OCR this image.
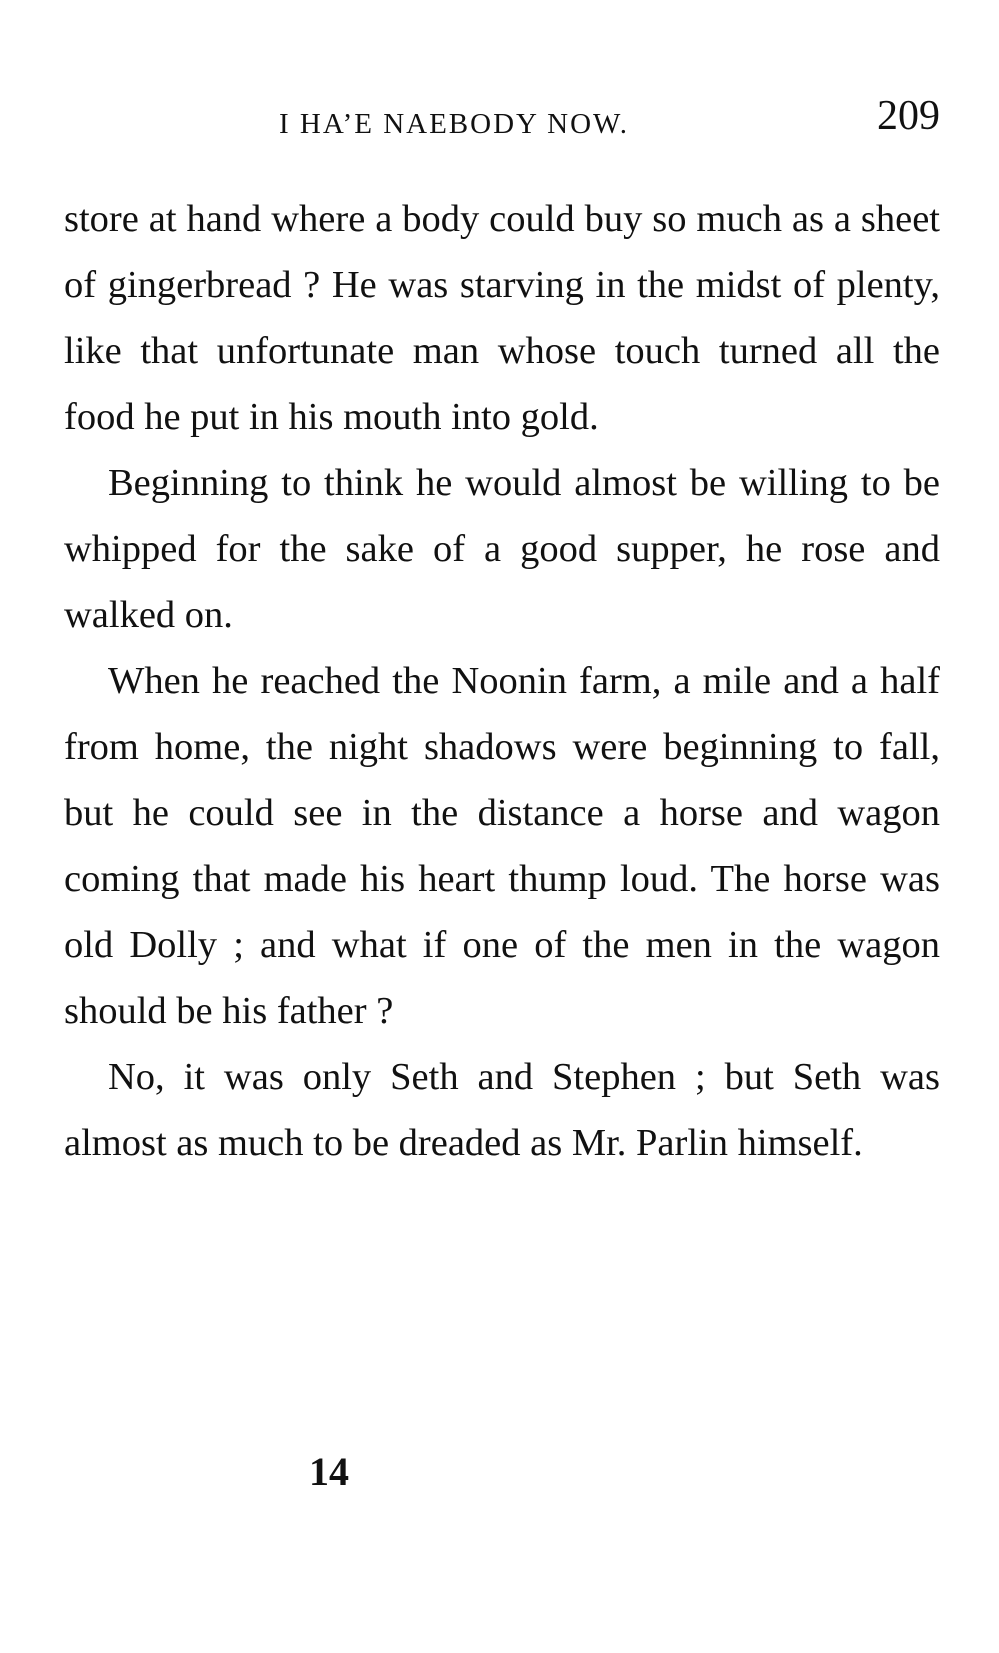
I HA’E NAEBODY NOW.	209

store at hand where a body could buy so much as a sheet of gingerbread ? He was starving in the midst of plenty, like that unfortunate man whose touch turned all the food he put in his mouth into gold.

Beginning to think he would almost be willing to be whipped for the sake of a good supper, he rose and walked on.

When he reached the Noonin farm, a mile and a half from home, the night shadows were beginning to fall, but he could see in the distance a horse and wagon coming that made his heart thump loud. The horse was old Dolly ; and what if one of the men in the wagon should be his father ?

No, it was only Seth and Stephen ; but Seth was almost as much to be dreaded as Mr. Parlin himself.

14
